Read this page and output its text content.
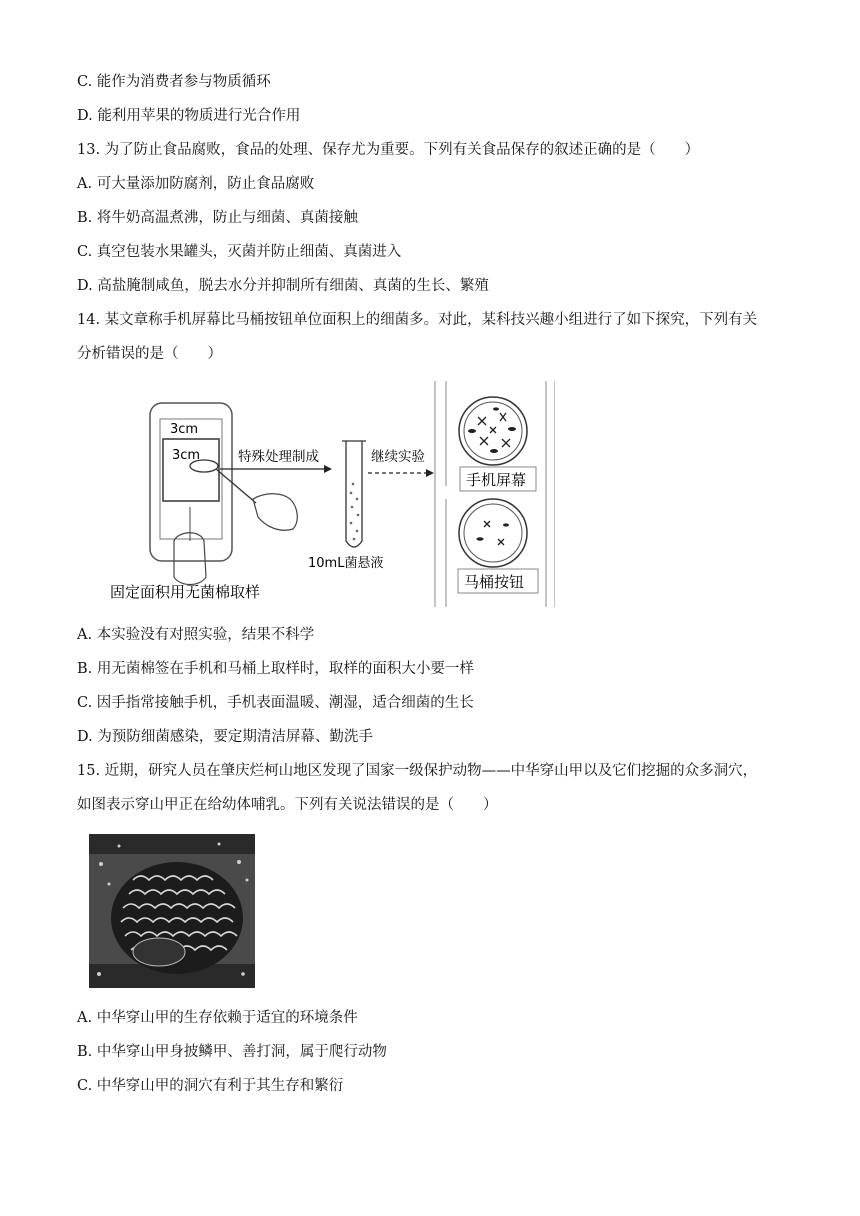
C. 能作为消费者参与物质循环
D. 能利用苹果的物质进行光合作用
13. 为了防止食品腐败，食品的处理、保存尤为重要。下列有关食品保存的叙述正确的是（　　）
A. 可大量添加防腐剂，防止食品腐败
B. 将牛奶高温煮沸，防止与细菌、真菌接触
C. 真空包装水果罐头，灭菌并防止细菌、真菌进入
D. 高盐腌制咸鱼，脱去水分并抑制所有细菌、真菌的生长、繁殖
14. 某文章称手机屏幕比马桶按钮单位面积上的细菌多。对此，某科技兴趣小组进行了如下探究，下列有关
分析错误的是（　　）
3cm
3cm	特殊处理制成
10mL菌悬液
继续实验
手机屏幕
马桶按钮
固定面积用无菌棉取样
A. 本实验没有对照实验，结果不科学
B. 用无菌棉签在手机和马桶上取样时，取样的面积大小要一样
C. 因手指常接触手机，手机表面温暖、潮湿，适合细菌的生长
D. 为预防细菌感染，要定期清洁屏幕、勤洗手
15. 近期，研究人员在肇庆烂柯山地区发现了国家一级保护动物——中华穿山甲以及它们挖掘的众多洞穴，
如图表示穿山甲正在给幼体哺乳。下列有关说法错误的是（　　）
A. 中华穿山甲的生存依赖于适宜的环境条件
B. 中华穿山甲身披鳞甲、善打洞，属于爬行动物
C. 中华穿山甲的洞穴有利于其生存和繁衍
